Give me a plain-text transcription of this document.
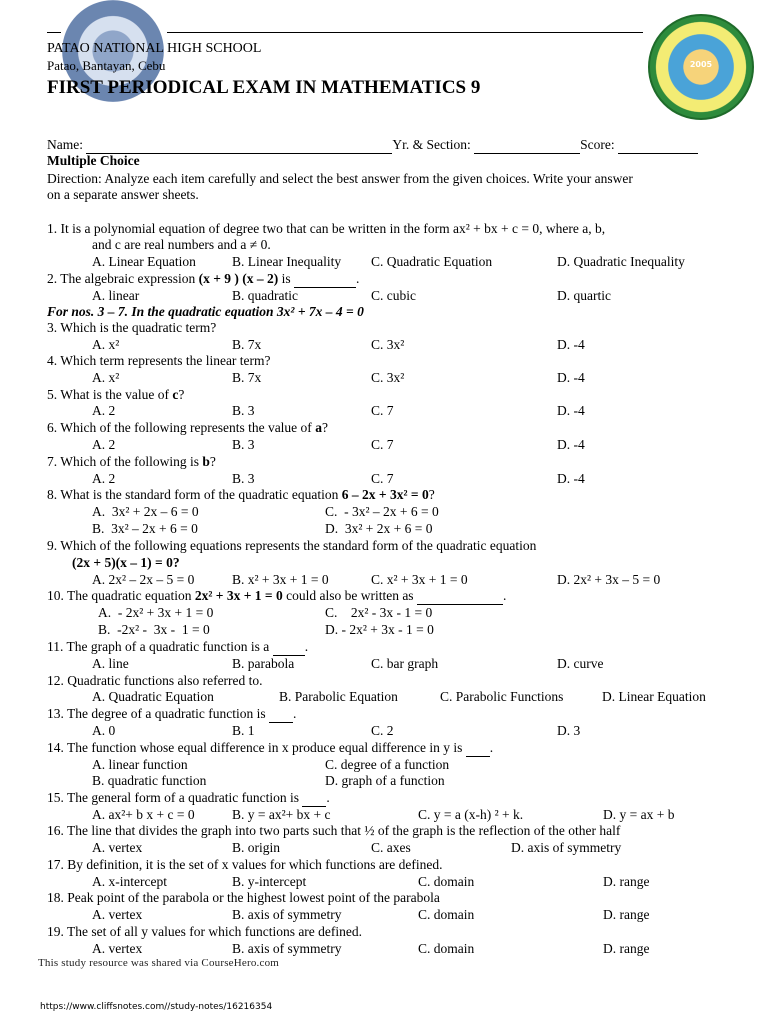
2005
PATAO NATIONAL HIGH SCHOOL
Patao, Bantayan, Cebu
FIRST PERIODICAL EXAM IN MATHEMATICS 9
Name:	Yr. & Section:	Score:
Multiple Choice
Direction: Analyze each item carefully and select the best answer from the given choices. Write your answer
on a separate answer sheets.
1. It is a polynomial equation of degree two that can be written in the form ax² + bx + c = 0, where a, b,
and c are real numbers and a ≠ 0.
A. Linear Equation	B. Linear Inequality C. Quadratic Equation	D. Quadratic Inequality
2. The algebraic expression (x + 9 ) (x – 2) is	.
A. linear	B. quadratic	C. cubic	D. quartic
For nos. 3 – 7. In the quadratic equation 3x² + 7x – 4 = 0
3. Which is the quadratic term?
A. x²	B. 7x	C. 3x²	D. -4
4. Which term represents the linear term?
A. x²	B. 7x	C. 3x²	D. -4
5. What is the value of c?
A. 2	B. 3	C. 7	D. -4
6. Which of the following represents the value of a?
A. 2	B. 3	C. 7	D. -4
7. Which of the following is b?
A. 2	B. 3	C. 7	D. -4
8. What is the standard form of the quadratic equation 6 – 2x + 3x² = 0?
A.  3x² + 2x – 6 = 0	C.  - 3x² – 2x + 6 = 0
B.  3x² – 2x + 6 = 0	D.  3x² + 2x + 6 = 0
9. Which of the following equations represents the standard form of the quadratic equation
(2x + 5)(x – 1) = 0?
A. 2x² – 2x – 5 = 0	B. x² + 3x + 1 = 0	C. x² + 3x + 1 = 0	D. 2x² + 3x – 5 = 0
10. The quadratic equation 2x² + 3x + 1 = 0 could also be written as	.
A.  - 2x² + 3x + 1 = 0	C.    2x² - 3x - 1 = 0
B.  -2x² -  3x -  1 = 0	D. - 2x² + 3x - 1 = 0
11. The graph of a quadratic function is a  .
A. line	B. parabola	C. bar graph	D. curve
12. Quadratic functions also referred to.
A. Quadratic Equation	B. Parabolic Equation	C. Parabolic Functions	D. Linear Equation
13. The degree of a quadratic function is  .
A. 0	B. 1	C. 2	D. 3
14. The function whose equal difference in x produce equal difference in y is  .
A. linear function	C. degree of a function
B. quadratic function	D. graph of a function
15. The general form of a quadratic function is  .
A. ax²+ b x + c = 0	B. y = ax²+ bx + c	C. y = a (x-h) ² + k.	D. y = ax + b
16. The line that divides the graph into two parts such that ½ of the graph is the reflection of the other half
A. vertex	B. origin	C. axes	D. axis of symmetry
17. By definition, it is the set of x values for which functions are defined.
A. x-intercept	B. y-intercept	C. domain	D. range
18. Peak point of the parabola or the highest lowest point of the parabola
A. vertex	B. axis of symmetry	C. domain	D. range
19. The set of all y values for which functions are defined.
A. vertex	B. axis of symmetry	C. domain	D. range
This study resource was shared via CourseHero.com
https://www.cliffsnotes.com//study-notes/16216354
